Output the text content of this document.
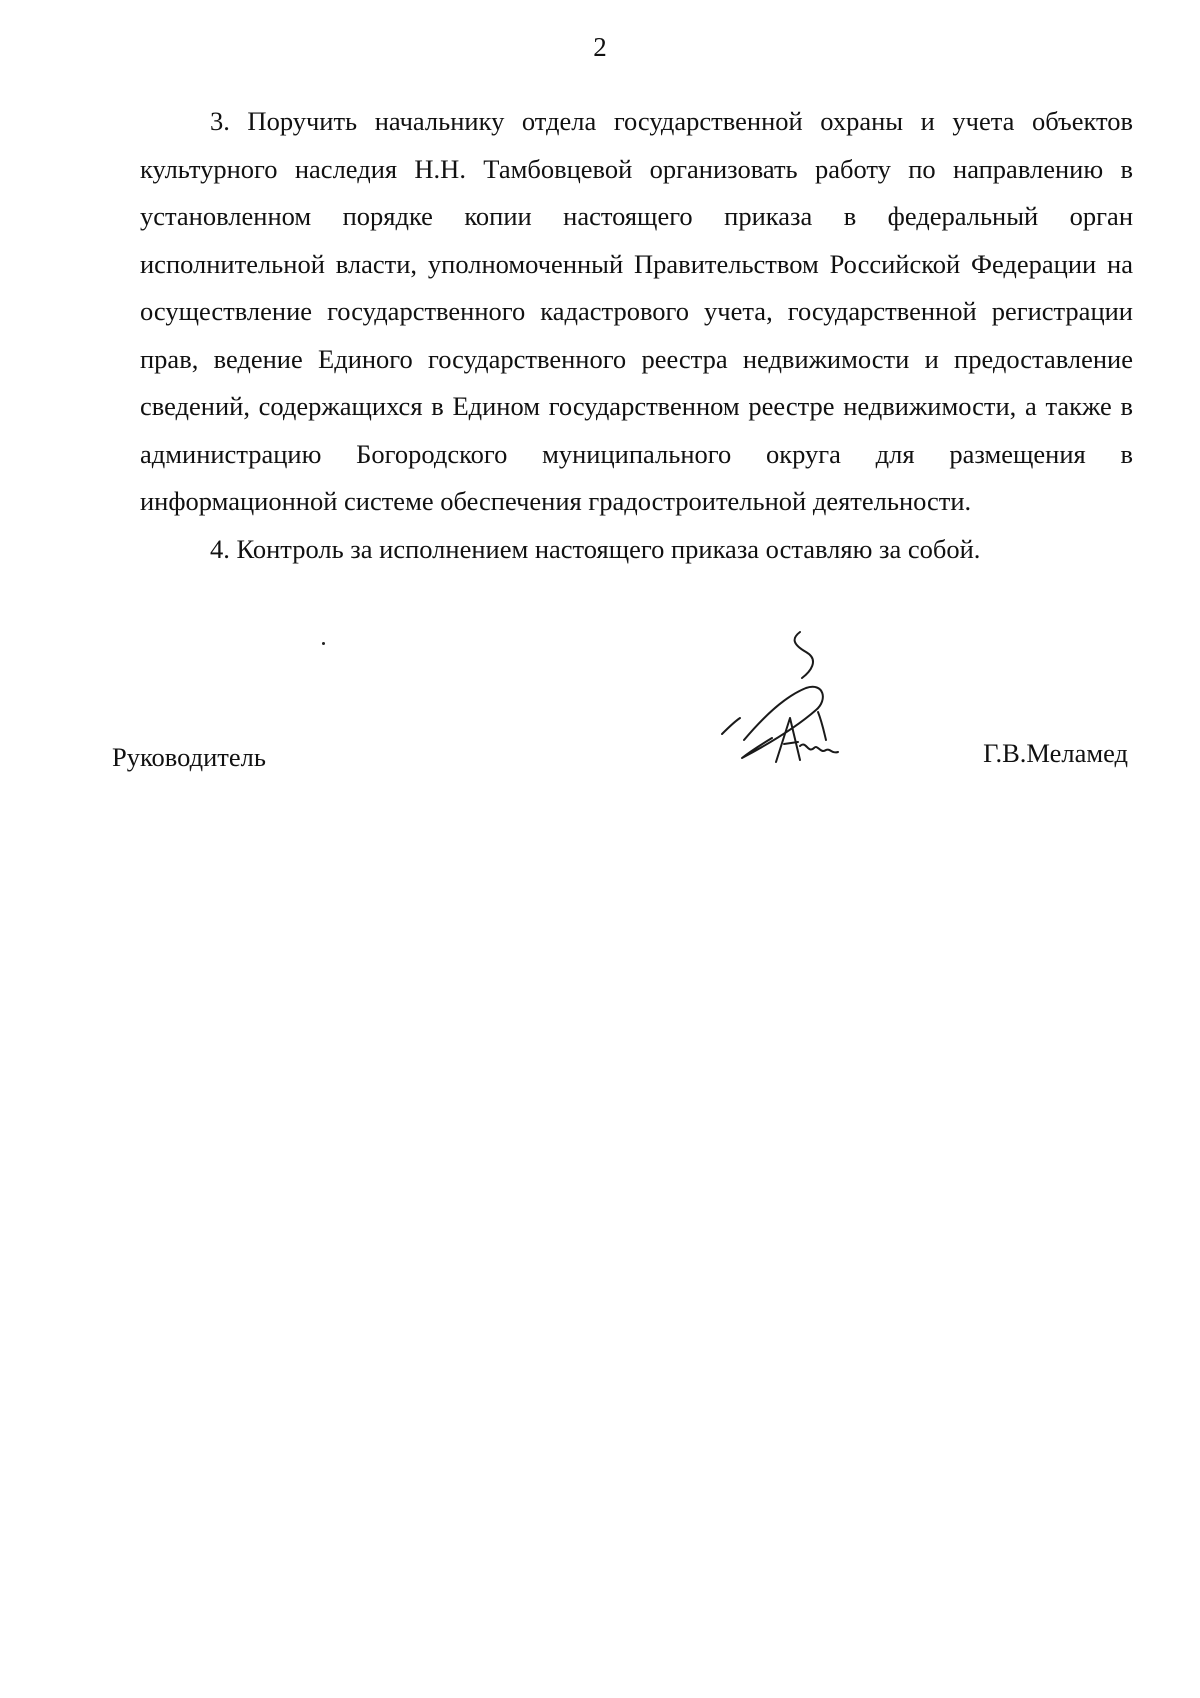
2

3. Поручить начальнику отдела государственной охраны и учета объектов культурного наследия Н.Н. Тамбовцевой организовать работу по направлению в установленном порядке копии настоящего приказа в федеральный орган исполнительной власти, уполномоченный Правительством Российской Федерации на осуществление государственного кадастрового учета, государственной регистрации прав, ведение Единого государственного реестра недвижимости и предоставление сведений, содержащихся в Едином государственном реестре недвижимости, а также в администрацию Богородского муниципального округа для размещения в информационной системе обеспечения градостроительной деятельности.

4. Контроль за исполнением настоящего приказа оставляю за собой.

Руководитель	Г.В.Меламед
